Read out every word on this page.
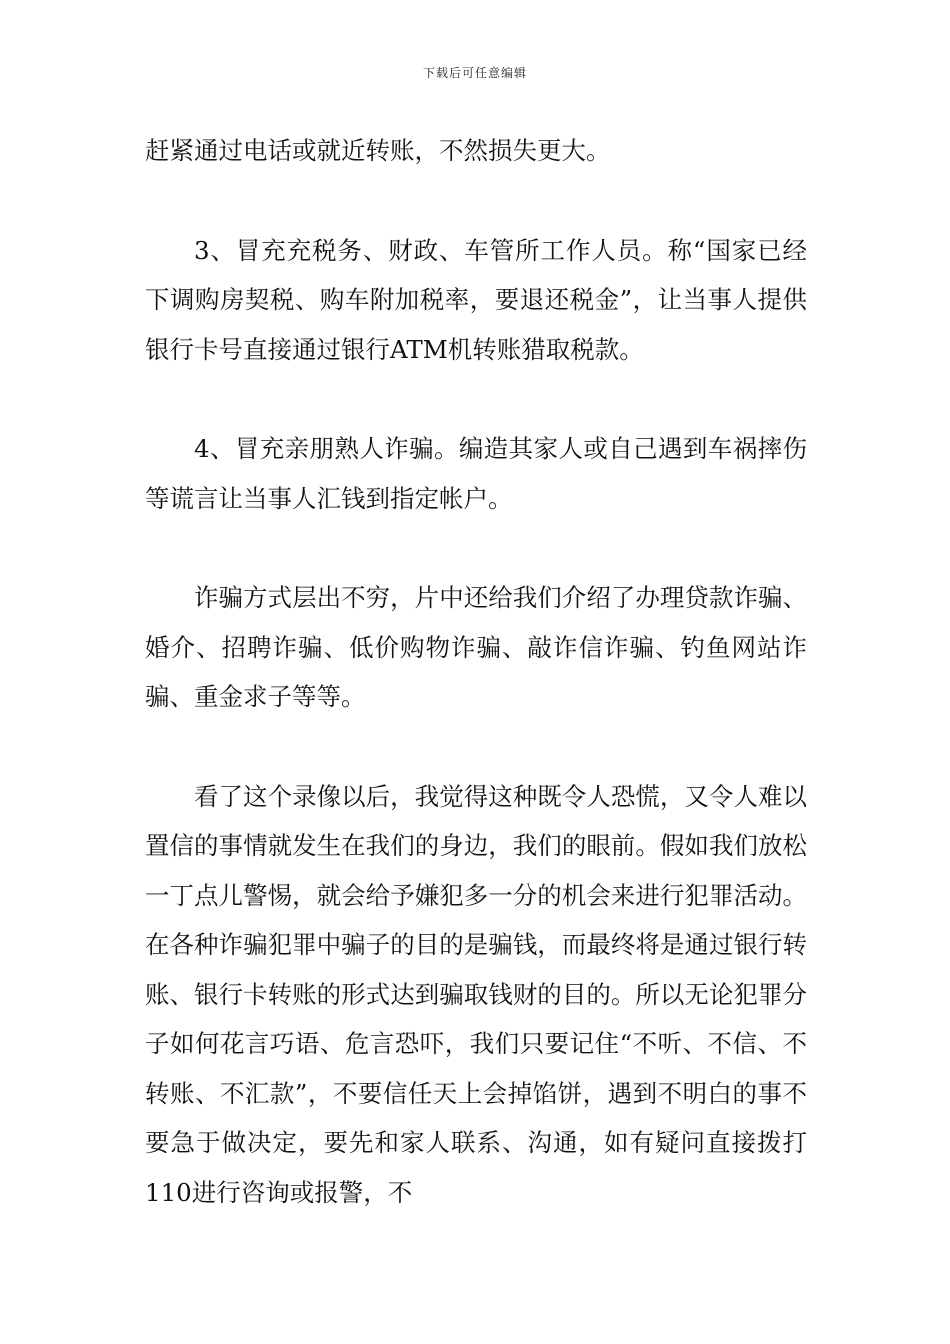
下载后可任意编辑

赶紧通过电话或就近转账，不然损失更大。

3、冒充充税务、财政、车管所工作人员。称“国家已经下调购房契税、购车附加税率，要退还税金”，让当事人提供银行卡号直接通过银行ATM机转账猎取税款。

4、冒充亲朋熟人诈骗。编造其家人或自己遇到车祸摔伤等谎言让当事人汇钱到指定帐户。

诈骗方式层出不穷，片中还给我们介绍了办理贷款诈骗、婚介、招聘诈骗、低价购物诈骗、敲诈信诈骗、钓鱼网站诈骗、重金求子等等。

看了这个录像以后，我觉得这种既令人恐慌，又令人难以置信的事情就发生在我们的身边，我们的眼前。假如我们放松一丁点儿警惕，就会给予嫌犯多一分的机会来进行犯罪活动。在各种诈骗犯罪中骗子的目的是骗钱，而最终将是通过银行转账、银行卡转账的形式达到骗取钱财的目的。所以无论犯罪分子如何花言巧语、危言恐吓，我们只要记住“不听、不信、不转账、不汇款”，不要信任天上会掉馅饼，遇到不明白的事不要急于做决定，要先和家人联系、沟通，如有疑问直接拨打110进行咨询或报警，不
